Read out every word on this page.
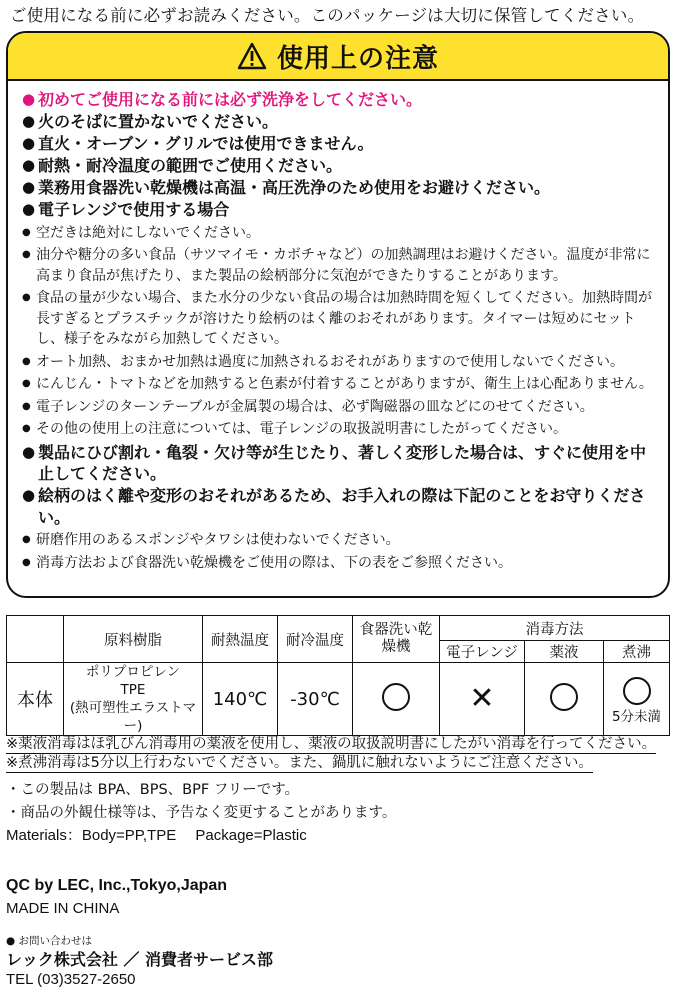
ご使用になる前に必ずお読みください。このパッケージは大切に保管してください。
使用上の注意
● 初めてご使用になる前には必ず洗浄をしてください。
● 火のそばに置かないでください。
● 直火・オーブン・グリルでは使用できません。
● 耐熱・耐冷温度の範囲でご使用ください。
● 業務用食器洗い乾燥機は高温・高圧洗浄のため使用をお避けください。
● 電子レンジで使用する場合
● 空だきは絶対にしないでください。
● 油分や糖分の多い食品（サツマイモ・カボチャなど）の加熱調理はお避けください。温度が非常に高まり食品が焦げたり、また製品の絵柄部分に気泡ができたりすることがあります。
● 食品の量が少ない場合、また水分の少ない食品の場合は加熱時間を短くしてください。加熱時間が長すぎるとプラスチックが溶けたり絵柄のはく離のおそれがあります。タイマーは短めにセットし、様子をみながら加熱してください。
● オート加熱、おまかせ加熱は過度に加熱されるおそれがありますので使用しないでください。
● にんじん・トマトなどを加熱すると色素が付着することがありますが、衛生上は心配ありません。
● 電子レンジのターンテーブルが金属製の場合は、必ず陶磁器の皿などにのせてください。
● その他の使用上の注意については、電子レンジの取扱説明書にしたがってください。
● 製品にひび割れ・亀裂・欠け等が生じたり、著しく変形した場合は、すぐに使用を中止してください。
● 絵柄のはく離や変形のおそれがあるため、お手入れの際は下記のことをお守りください。
● 研磨作用のあるスポンジやタワシは使わないでください。
● 消毒方法および食器洗い乾燥機をご使用の際は、下の表をご参照ください。
	原料樹脂	耐熱温度	耐冷温度	食器洗い乾燥機	消毒方法		
					電子レンジ	薬液	煮沸
本体	ポリプロピレン
TPE
(熱可塑性エラストマー)	140℃	-30℃		✕		5分未満
※薬液消毒はほ乳びん消毒用の薬液を使用し、薬液の取扱説明書にしたがい消毒を行ってください。
※煮沸消毒は5分以上行わないでください。また、鍋肌に触れないようにご注意ください。
・この製品は BPA、BPS、BPF フリーです。
・商品の外観仕様等は、予告なく変更することがあります。
Materials：Body=PP,TPE　 Package=Plastic
QC by LEC, Inc.,Tokyo,Japan
MADE IN CHINA
● お問い合わせは
レック株式会社 ／ 消費者サービス部
TEL (03)3527-2650
